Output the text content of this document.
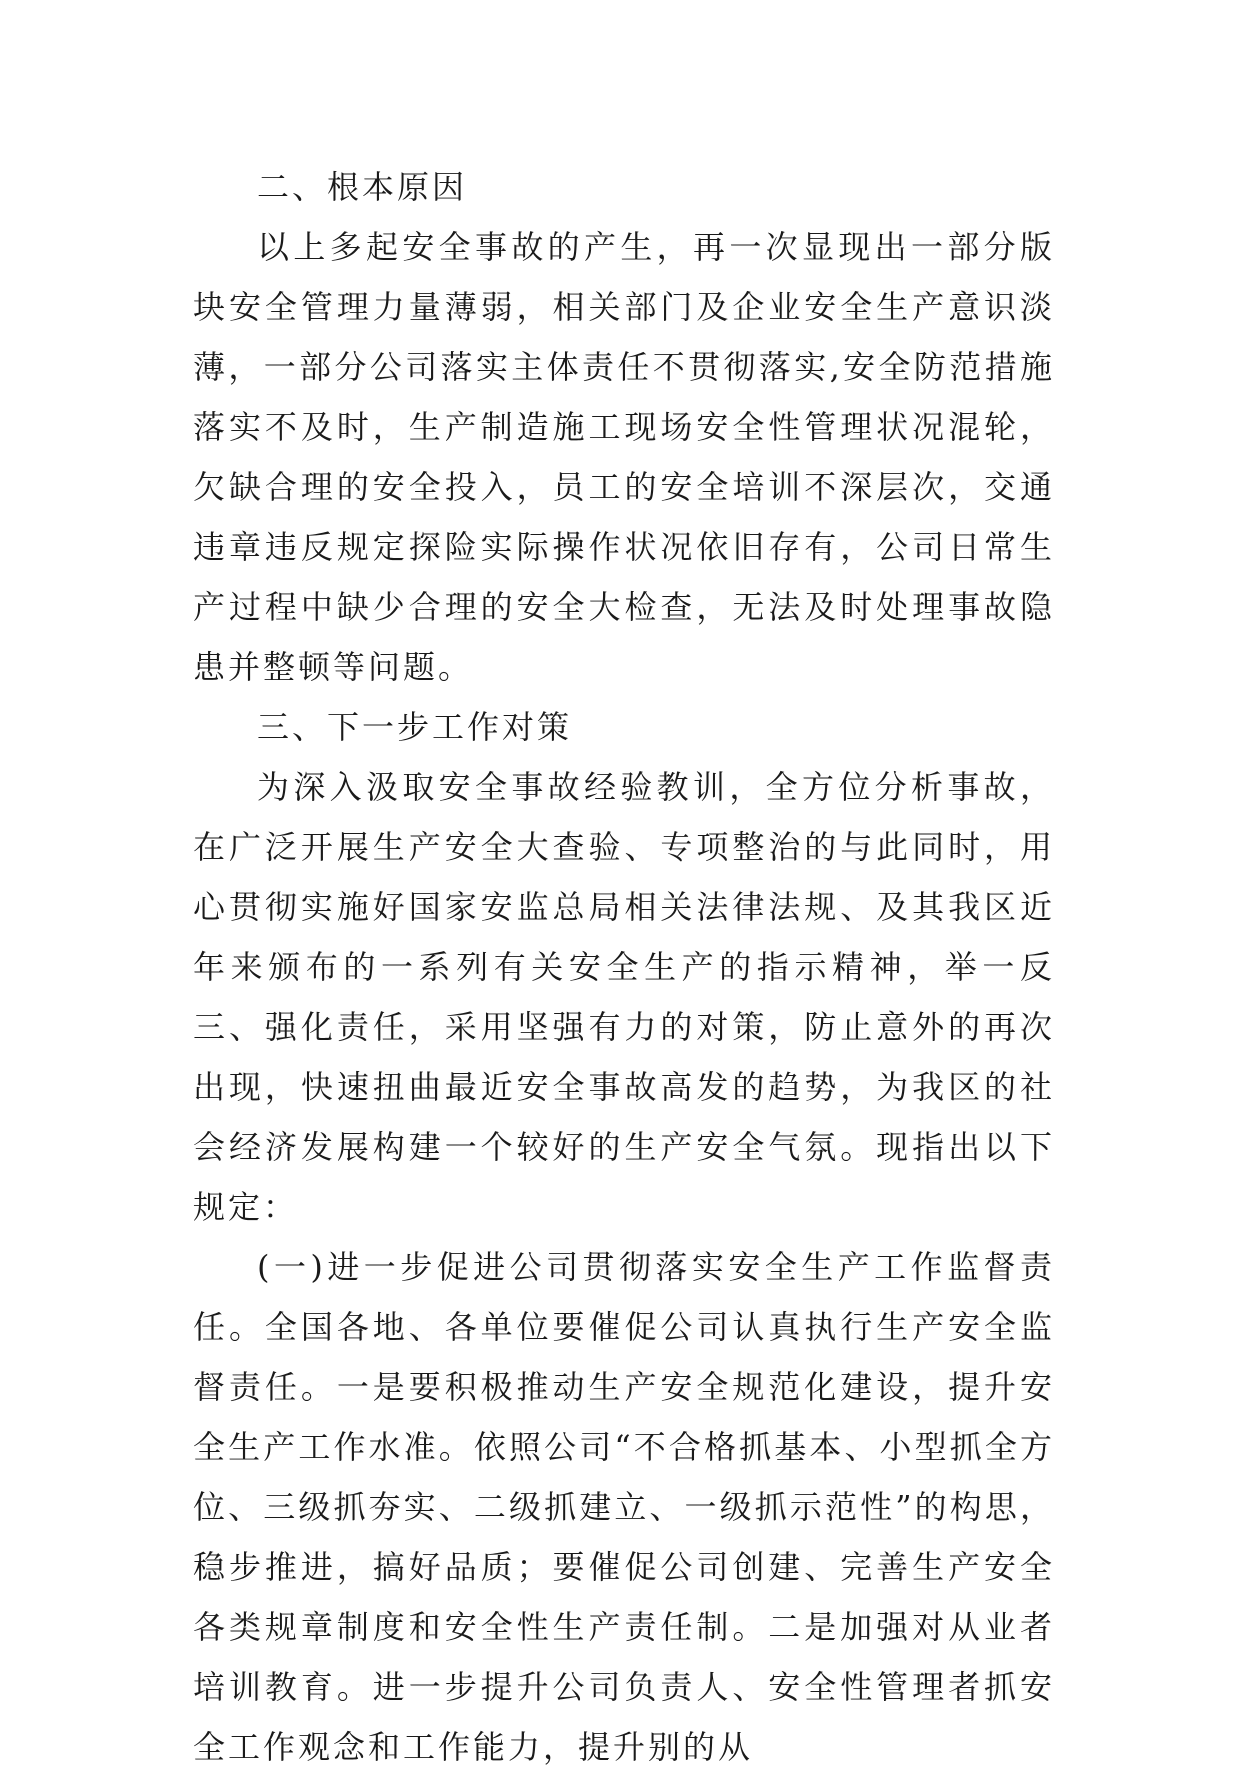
二、根本原因

以上多起安全事故的产生，再一次显现出一部分版块安全管理力量薄弱，相关部门及企业安全生产意识淡薄，一部分公司落实主体责任不贯彻落实,安全防范措施落实不及时，生产制造施工现场安全性管理状况混轮，欠缺合理的安全投入，员工的安全培训不深层次，交通违章违反规定探险实际操作状况依旧存有，公司日常生产过程中缺少合理的安全大检查，无法及时处理事故隐患并整顿等问题。

三、下一步工作对策

为深入汲取安全事故经验教训，全方位分析事故，在广泛开展生产安全大查验、专项整治的与此同时，用心贯彻实施好国家安监总局相关法律法规、及其我区近年来颁布的一系列有关安全生产的指示精神，举一反三、强化责任，采用坚强有力的对策，防止意外的再次出现，快速扭曲最近安全事故高发的趋势，为我区的社会经济发展构建一个较好的生产安全气氛。现指出以下规定：

(一)进一步促进公司贯彻落实安全生产工作监督责任。全国各地、各单位要催促公司认真执行生产安全监督责任。一是要积极推动生产安全规范化建设，提升安全生产工作水准。依照公司“不合格抓基本、小型抓全方位、三级抓夯实、二级抓建立、一级抓示范性”的构思，稳步推进，搞好品质；要催促公司创建、完善生产安全各类规章制度和安全性生产责任制。二是加强对从业者培训教育。进一步提升公司负责人、安全性管理者抓安全工作观念和工作能力，提升别的从
